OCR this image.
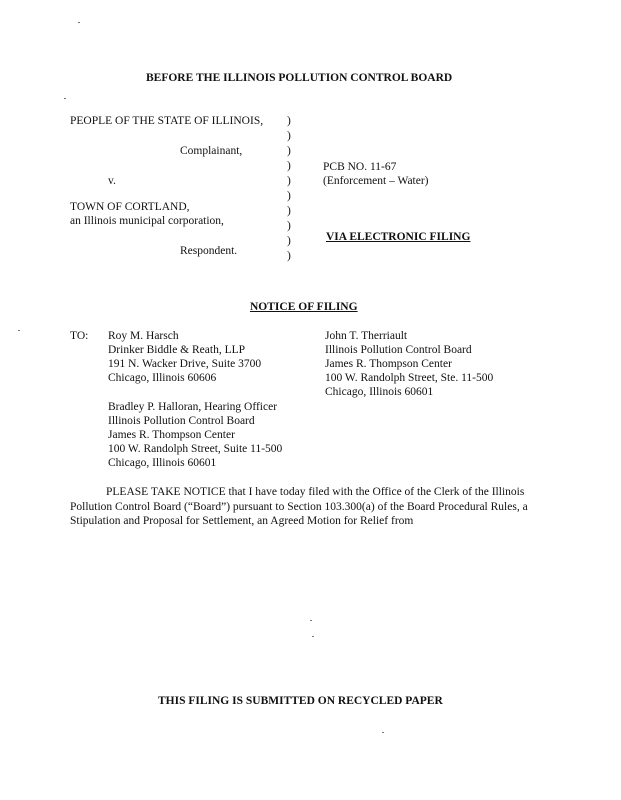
BEFORE THE ILLINOIS POLLUTION CONTROL BOARD
PEOPLE OF THE STATE OF ILLINOIS,
Complainant,
v.
TOWN OF CORTLAND,
an Illinois municipal corporation,
Respondent.
)
)
)
)
)
)
)
)
)
)
PCB NO. 11-67
(Enforcement – Water)
VIA ELECTRONIC FILING
NOTICE OF FILING
TO: Roy M. Harsch
Drinker Biddle & Reath, LLP
191 N. Wacker Drive, Suite 3700
Chicago, Illinois 60606
Bradley P. Halloran, Hearing Officer
Illinois Pollution Control Board
James R. Thompson Center
100 W. Randolph Street, Suite 11-500
Chicago, Illinois 60601
John T. Therriault
Illinois Pollution Control Board
James R. Thompson Center
100 W. Randolph Street, Ste. 11-500
Chicago, Illinois 60601
PLEASE TAKE NOTICE that I have today filed with the Office of the Clerk of the Illinois Pollution Control Board (“Board”) pursuant to Section 103.300(a) of the Board Procedural Rules, a Stipulation and Proposal for Settlement, an Agreed Motion for Relief from
THIS FILING IS SUBMITTED ON RECYCLED PAPER
